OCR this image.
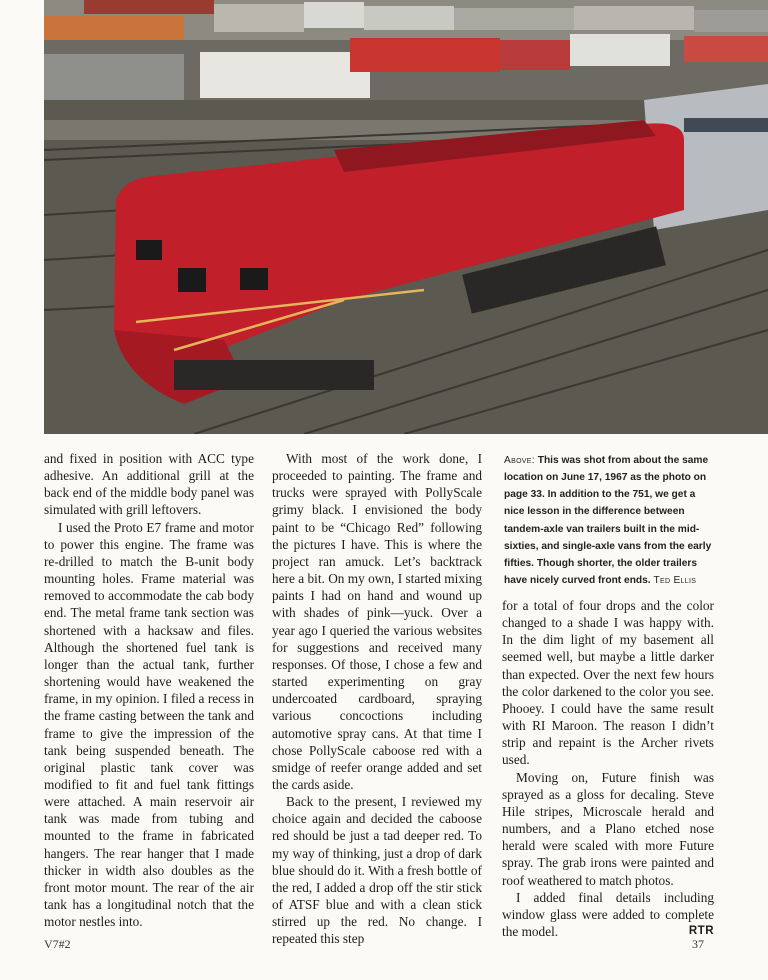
Above: This was shot from about the same location on June 17, 1967 as the photo on page 33. In addition to the 751, we get a nice lesson in the difference between tandem-axle van trailers built in the mid-sixties, and single-axle vans from the early fifties. Though shorter, the older trailers have nicely curved front ends. Ted Ellis

and fixed in position with ACC type adhesive. An additional grill at the back end of the middle body panel was simulated with grill leftovers.

I used the Proto E7 frame and motor to power this engine. The frame was re-drilled to match the B-unit body mounting holes. Frame material was removed to accommodate the cab body end. The metal frame tank section was shortened with a hacksaw and files. Although the shortened fuel tank is longer than the actual tank, further shortening would have weakened the frame, in my opinion. I filed a recess in the frame casting between the tank and frame to give the impression of the tank being suspended beneath. The original plastic tank cover was modified to fit and fuel tank fittings were attached. A main reservoir air tank was made from tubing and mounted to the frame in fabricated hangers. The rear hanger that I made thicker in width also doubles as the front motor mount. The rear of the air tank has a longitudinal notch that the motor nestles into.

With most of the work done, I proceeded to painting. The frame and trucks were sprayed with PollyScale grimy black. I envisioned the body paint to be “Chicago Red” following the pictures I have. This is where the project ran amuck. Let’s backtrack here a bit. On my own, I started mixing paints I had on hand and wound up with shades of pink—yuck. Over a year ago I queried the various websites for suggestions and received many responses. Of those, I chose a few and started experimenting on gray undercoated cardboard, spraying various concoctions including automotive spray cans. At that time I chose PollyScale caboose red with a smidge of reefer orange added and set the cards aside.

Back to the present, I reviewed my choice again and decided the caboose red should be just a tad deeper red. To my way of thinking, just a drop of dark blue should do it. With a fresh bottle of the red, I added a drop off the stir stick of ATSF blue and with a clean stick stirred up the red. No change. I repeated this step

for a total of four drops and the color changed to a shade I was happy with. In the dim light of my basement all seemed well, but maybe a little darker than expected. Over the next few hours the color darkened to the color you see. Phooey. I could have the same result with RI Maroon. The reason I didn’t strip and repaint is the Archer rivets used.

Moving on, Future finish was sprayed as a gloss for decaling. Steve Hile stripes, Microscale herald and numbers, and a Plano etched nose herald were scaled with more Future spray. The grab irons were painted and roof weathered to match photos.

I added final details including window glass were added to complete the model.	RTR

V7#2	37
